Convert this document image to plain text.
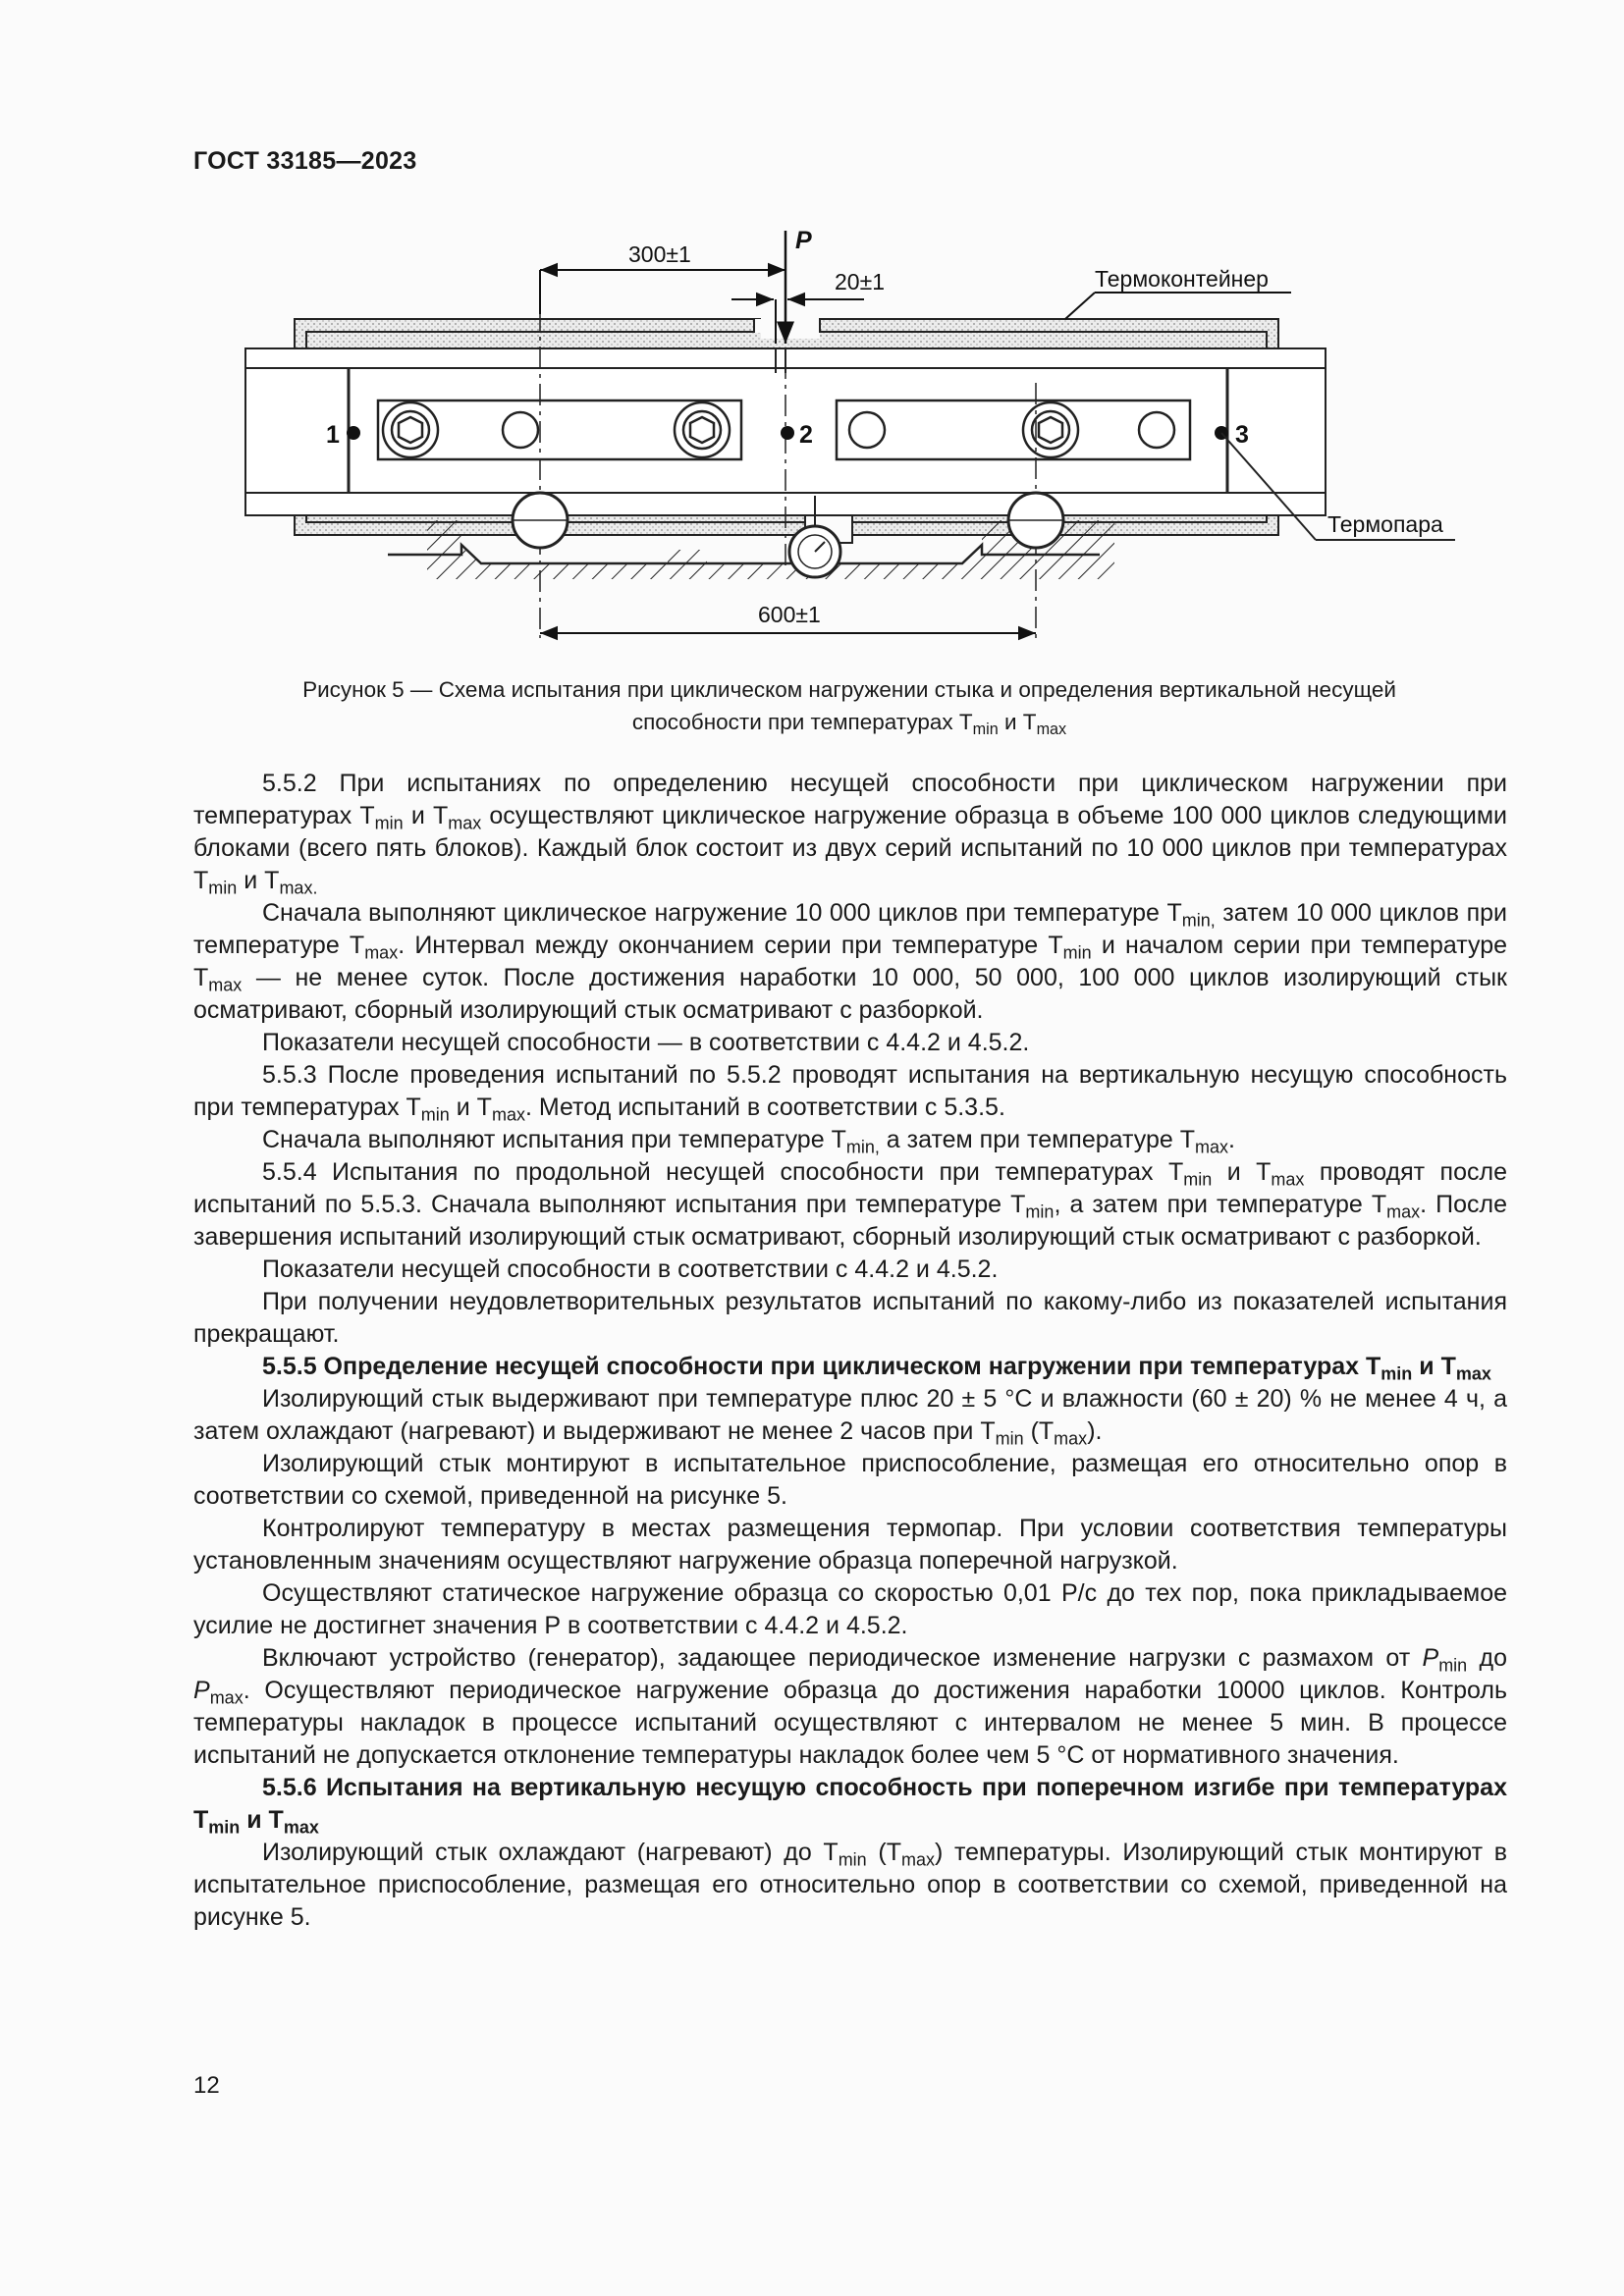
ГОСТ 33185—2023
1	2	3
300±1
20±1
P
Термоконтейнер
Термопара
600±1
Рисунок 5 — Схема испытания при циклическом нагружении стыка и определения вертикальной несущей
способности при температурах $T_{min}$ и $T_{max}$

5.5.2 При испытаниях по определению несущей способности при циклическом нагружении при температурах $T_{min}$ и $T_{max}$ осуществляют циклическое нагружение образца в объеме 100 000 циклов следующими блоками (всего пять блоков). Каждый блок состоит из двух серий испытаний по 10 000 циклов при температурах $T_{min}$ и $T_{max.}$

Сначала выполняют циклическое нагружение 10 000 циклов при температуре $T_{min,}$ затем 10 000 циклов при температуре $T_{max}$. Интервал между окончанием серии при температуре $T_{min}$ и началом серии при температуре $T_{max}$ — не менее суток. После достижения наработки 10 000, 50 000, 100 000 циклов изолирующий стык осматривают, сборный изолирующий стык осматривают с разборкой.

Показатели несущей способности — в соответствии с 4.4.2 и 4.5.2.

5.5.3 После проведения испытаний по 5.5.2 проводят испытания на вертикальную несущую способность при температурах $T_{min}$ и $T_{max}$. Метод испытаний в соответствии с 5.3.5.

Сначала выполняют испытания при температуре $T_{min,}$ а затем при температуре $T_{max}$.

5.5.4 Испытания по продольной несущей способности при температурах $T_{min}$ и $T_{max}$ проводят после испытаний по 5.5.3. Сначала выполняют испытания при температуре $T_{min}$, а затем при температуре $T_{max}$. После завершения испытаний изолирующий стык осматривают, сборный изолирующий стык осматривают с разборкой.

Показатели несущей способности в соответствии с 4.4.2 и 4.5.2.

При получении неудовлетворительных результатов испытаний по какому-либо из показателей испытания прекращают.

5.5.5 Определение несущей способности при циклическом нагружении при температурах $T_{min}$ и $T_{max}$

Изолирующий стык выдерживают при температуре плюс 20 ± 5 °С и влажности (60 ± 20) % не менее 4 ч, а затем охлаждают (нагревают) и выдерживают не менее 2 часов при $T_{min}$ $(T_{max})$.

Изолирующий стык монтируют в испытательное приспособление, размещая его относительно опор в соответствии со схемой, приведенной на рисунке 5.

Контролируют температуру в местах размещения термопар. При условии соответствия температуры установленным значениям осуществляют нагружение образца поперечной нагрузкой.

Осуществляют статическое нагружение образца со скоростью 0,01 Р/с до тех пор, пока прикладываемое усилие не достигнет значения Р в соответствии с 4.4.2 и 4.5.2.

Включают устройство (генератор), задающее периодическое изменение нагрузки с размахом от $P_{min}$ до $P_{max}$. Осуществляют периодическое нагружение образца до достижения наработки 10000 циклов. Контроль температуры накладок в процессе испытаний осуществляют с интервалом не менее 5 мин. В процессе испытаний не допускается отклонение температуры накладок более чем 5 °С от нормативного значения.

5.5.6 Испытания на вертикальную несущую способность при поперечном изгибе при температурах $T_{min}$ и $T_{max}$

Изолирующий стык охлаждают (нагревают) до $T_{min}$ $(T_{max})$ температуры. Изолирующий стык монтируют в испытательное приспособление, размещая его относительно опор в соответствии со схемой, приведенной на рисунке 5.

12
